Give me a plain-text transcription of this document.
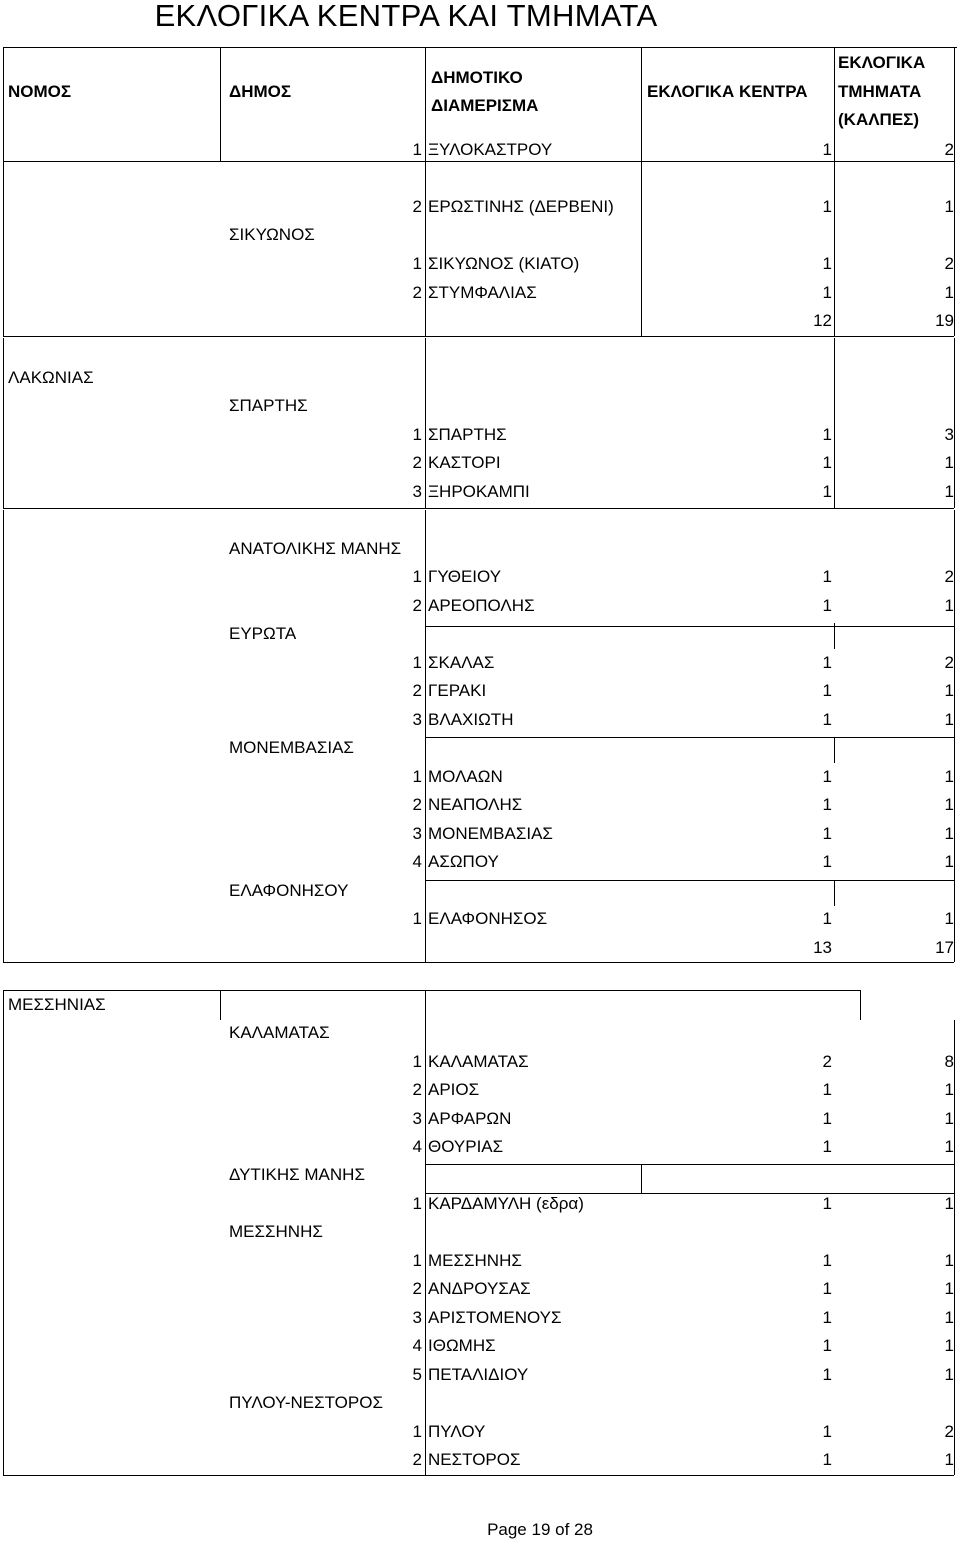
ΕΚΛΟΓΙΚΑ ΚΕΝΤΡΑ ΚΑΙ ΤΜΗΜΑΤΑ
ΝΟΜΟΣ	ΔΗΜΟΣ
ΔΗΜΟΤΙΚΟ
ΔΙΑΜΕΡΙΣΜΑ
ΕΚΛΟΓΙΚΑ ΚΕΝΤΡΑ
ΕΚΛΟΓΙΚΑ
ΤΜΗΜΑΤΑ
(ΚΑΛΠΕΣ)
1 ΞΥΛΟΚΑΣΤΡΟΥ	1	2
2 ΕΡΩΣΤΙΝΗΣ (ΔΕΡΒΕΝΙ)	1	1
ΣΙΚΥΩΝΟΣ
1 ΣΙΚΥΩΝΟΣ (ΚΙΑΤΟ)	1	2
2 ΣΤΥΜΦΑΛΙΑΣ	1	1
12	19
ΛΑΚΩΝΙΑΣ
ΣΠΑΡΤΗΣ
1 ΣΠΑΡΤΗΣ	1	3
2 ΚΑΣΤΟΡΙ	1	1
3 ΞΗΡΟΚΑΜΠΙ	1	1
ΑΝΑΤΟΛΙΚΗΣ ΜΑΝΗΣ
1 ΓΥΘΕΙΟΥ	1	2
2 ΑΡΕΟΠΟΛΗΣ	1	1
ΕΥΡΩΤΑ
1 ΣΚΑΛΑΣ	1	2
2 ΓΕΡΑΚΙ	1	1
3 ΒΛΑΧΙΩΤΗ	1	1
ΜΟΝΕΜΒΑΣΙΑΣ
1 ΜΟΛΑΩΝ	1	1
2 ΝΕΑΠΟΛΗΣ	1	1
3 ΜΟΝΕΜΒΑΣΙΑΣ	1	1
4 ΑΣΩΠΟΥ	1	1
ΕΛΑΦΟΝΗΣΟΥ
1 ΕΛΑΦΟΝΗΣΟΣ	1	1
13	17
ΜΕΣΣΗΝΙΑΣ
ΚΑΛΑΜΑΤΑΣ
1 ΚΑΛΑΜΑΤΑΣ	2	8
2 ΑΡΙΟΣ	1	1
3 ΑΡΦΑΡΩΝ	1	1
4 ΘΟΥΡΙΑΣ	1	1
ΔΥΤΙΚΗΣ ΜΑΝΗΣ
1 ΚΑΡΔΑΜΥΛΗ (εδρα)	1	1
ΜΕΣΣΗΝΗΣ
1 ΜΕΣΣΗΝΗΣ	1	1
2 ΑΝΔΡΟΥΣΑΣ	1	1
3 ΑΡΙΣΤΟΜΕΝΟΥΣ	1	1
4 ΙΘΩΜΗΣ	1	1
5 ΠΕΤΑΛΙΔΙΟΥ	1	1
ΠΥΛΟΥ-ΝΕΣΤΟΡΟΣ
1 ΠΥΛΟΥ	1	2
2 ΝΕΣΤΟΡΟΣ	1	1
Page 19 of 28
